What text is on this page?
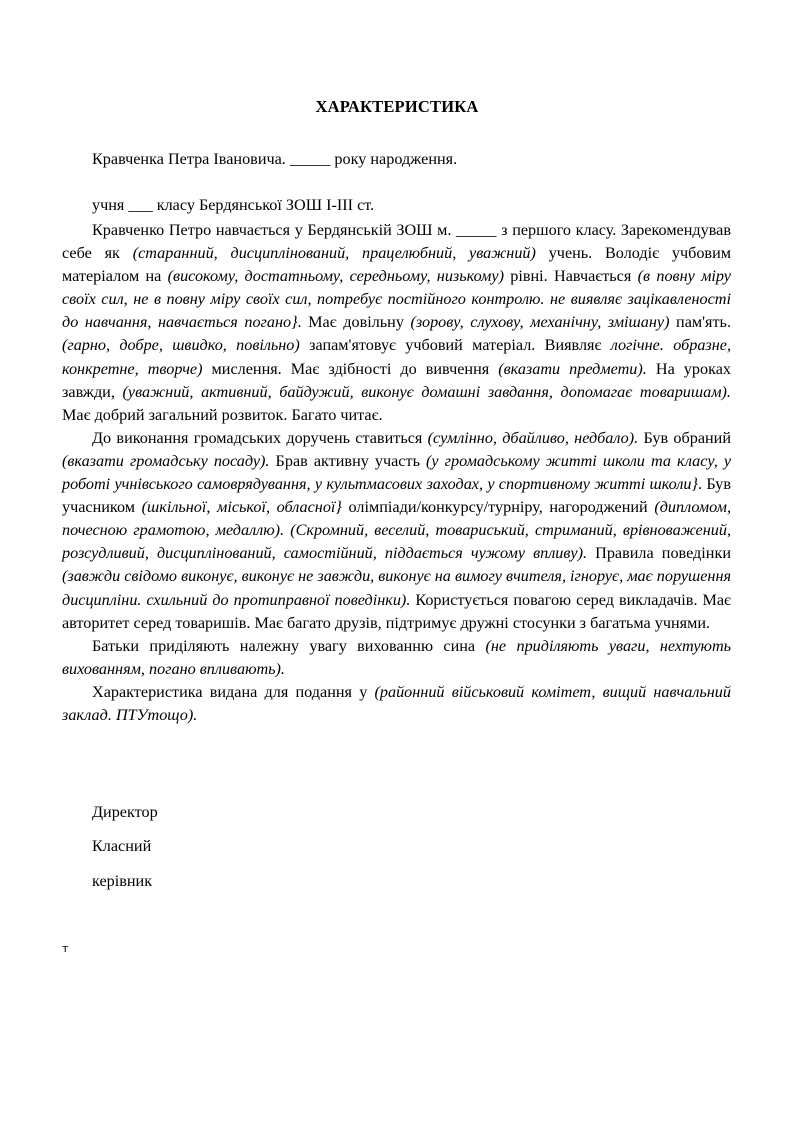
ХАРАКТЕРИСТИКА
Кравченка Петра Івановича. _____ року народження.
учня ___ класу Бердянської ЗОШ І-ІІІ ст.

Кравченко Петро навчається у Бердянській ЗОШ м. _____ з першого класу. Зарекомендував себе як (старанний, дисциплінований, працелюбний, уважний) учень. Володіє учбовим матеріалом на (високому, достатньому, середньому, низькому) рівні. Навчається (в повну міру своїх сил, не в повну міру своїх сил, потребує постійного контролю. не виявляє зацікавленості до навчання, навчається погано}. Має довільну (зорову, слухову, механічну, змішану) пам'ять. (гарно, добре, швидко, повільно) запам'ятовує учбовий матеріал. Виявляє логічне. образне, конкретне, творче) мислення. Має здібності до вивчення (вказати предмети). На уроках завжди, (уважний, активний, байдужий, виконує домашні завдання, допомагає товаришам). Має добрий загальний розвиток. Багато читає.

До виконання громадських доручень ставиться (сумлінно, дбайливо, недбало). Був обраний (вказати громадську посаду). Брав активну участь (у громадському житті школи та класу, у роботі учнівського самоврядування, у культмасових заходах, у спортивному житті школи}. Був учасником (шкільної, міської, обласної} олімпіади/конкурсу/турніру, нагороджений (дипломом, почесною грамотою, медаллю). (Скромний, веселий, товариський, стриманий, врівноважений, розсудливий, дисциплінований, самостійний, піддається чужому впливу). Правила поведінки (завжди свідомо виконує, виконує не завжди, виконує на вимогу вчителя, ігнорує, має порушення дисципліни. схильний до протиправної поведінки). Користується повагою серед викладачів. Має авторитет серед товаришів. Має багато друзів, підтримує дружні стосунки з багатьма учнями.

Батьки приділяють належну увагу вихованню сина (не приділяють уваги, нехтують вихованням, погано впливають).

Характеристика видана для подання у (районний військовий комітет, вищий навчальний заклад. ПТУтощо).

Директор
Класний
керівник
т
